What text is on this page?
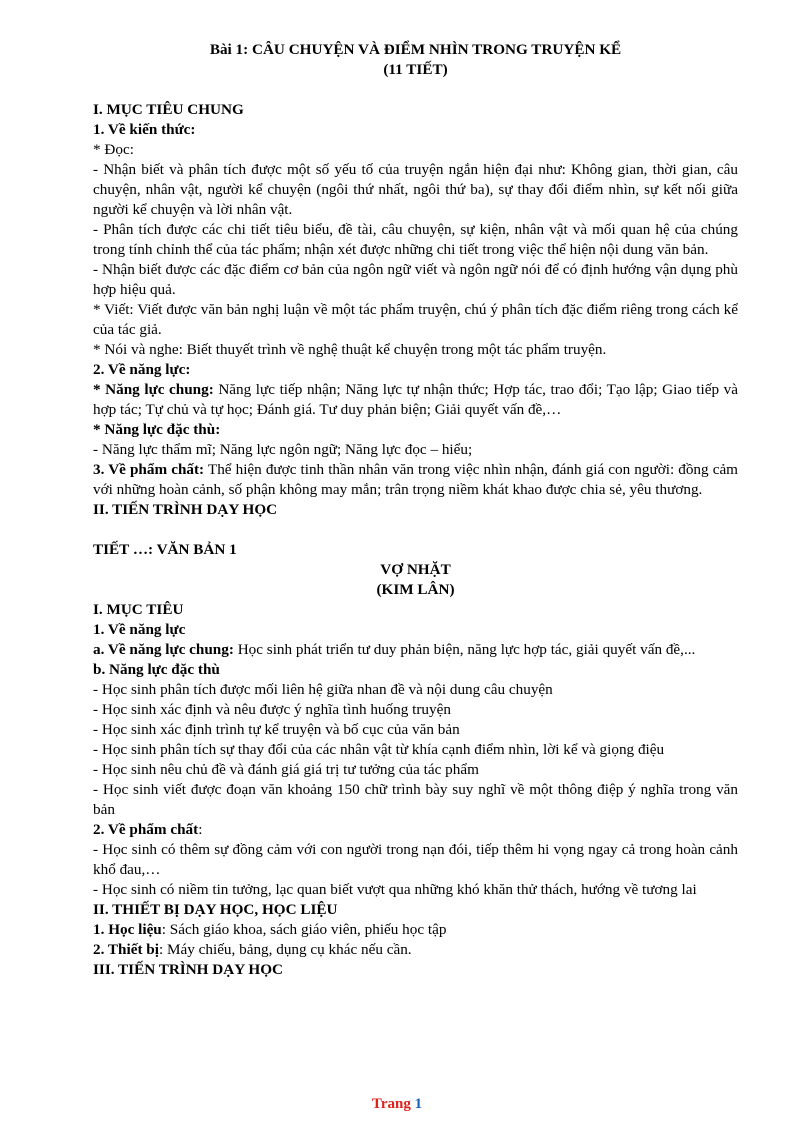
Bài 1: CÂU CHUYỆN VÀ ĐIỂM NHÌN TRONG TRUYỆN KỂ

(11 TIẾT)

I. MỤC TIÊU CHUNG

1. Về kiến thức:

* Đọc:

- Nhận biết và phân tích được một số yếu tố của truyện ngắn hiện đại như: Không gian, thời gian, câu chuyện, nhân vật, người kể chuyện (ngôi thứ nhất, ngôi thứ ba), sự thay đổi điểm nhìn, sự kết nối giữa người kể chuyện và lời nhân vật.

- Phân tích được các chi tiết tiêu biểu, đề tài, câu chuyện, sự kiện, nhân vật và mối quan hệ của chúng trong tính chỉnh thể của tác phẩm; nhận xét được những chi tiết trong việc thể hiện nội dung văn bản.

- Nhận biết được các đặc điểm cơ bản của ngôn ngữ viết và ngôn ngữ nói để có định hướng vận dụng phù hợp hiệu quả.

* Viết: Viết được văn bản nghị luận về một tác phẩm truyện, chú ý phân tích đặc điểm riêng trong cách kể của tác giả.

* Nói và nghe: Biết thuyết trình về nghệ thuật kể chuyện trong một tác phẩm truyện.

2. Về năng lực:

* Năng lực chung: Năng lực tiếp nhận; Năng lực tự nhận thức; Hợp tác, trao đổi; Tạo lập; Giao tiếp và hợp tác; Tự chủ và tự học; Đánh giá. Tư duy phản biện; Giải quyết vấn đề,…

* Năng lực đặc thù:

- Năng lực thẩm mĩ; Năng lực ngôn ngữ; Năng lực đọc – hiểu;

3. Về phẩm chất: Thể hiện được tinh thần nhân văn trong việc nhìn nhận, đánh giá con người: đồng cảm với những hoàn cảnh, số phận không may mắn; trân trọng niềm khát khao được chia sẻ, yêu thương.

II. TIẾN TRÌNH DẠY HỌC

TIẾT …: VĂN BẢN 1

VỢ NHẶT

(KIM LÂN)

I. MỤC TIÊU

1. Về năng lực

a. Về năng lực chung: Học sinh phát triển tư duy phản biện, năng lực hợp tác, giải quyết vấn đề,...

b. Năng lực đặc thù

- Học sinh phân tích được mối liên hệ giữa nhan đề và nội dung câu chuyện

- Học sinh xác định và nêu được ý nghĩa tình huống truyện

- Học sinh xác định trình tự kể truyện và bố cục của văn bản

- Học sinh phân tích sự thay đổi của các nhân vật từ khía cạnh điểm nhìn, lời kể và giọng điệu

- Học sinh nêu chủ đề và đánh giá giá trị tư tưởng của tác phẩm

- Học sinh viết được đoạn văn khoảng 150 chữ trình bày suy nghĩ về một thông điệp ý nghĩa trong văn bản

2. Về phẩm chất:

- Học sinh có thêm sự đồng cảm với con người trong nạn đói, tiếp thêm hi vọng ngay cả trong hoàn cảnh khổ đau,…

- Học sinh có niềm tin tưởng, lạc quan biết vượt qua những khó khăn thử thách, hướng về tương lai

II. THIẾT BỊ DẠY HỌC, HỌC LIỆU

1. Học liệu: Sách giáo khoa, sách giáo viên, phiếu học tập

2. Thiết bị: Máy chiếu, bảng, dụng cụ khác nếu cần.

III. TIẾN TRÌNH DẠY HỌC

Trang 1
